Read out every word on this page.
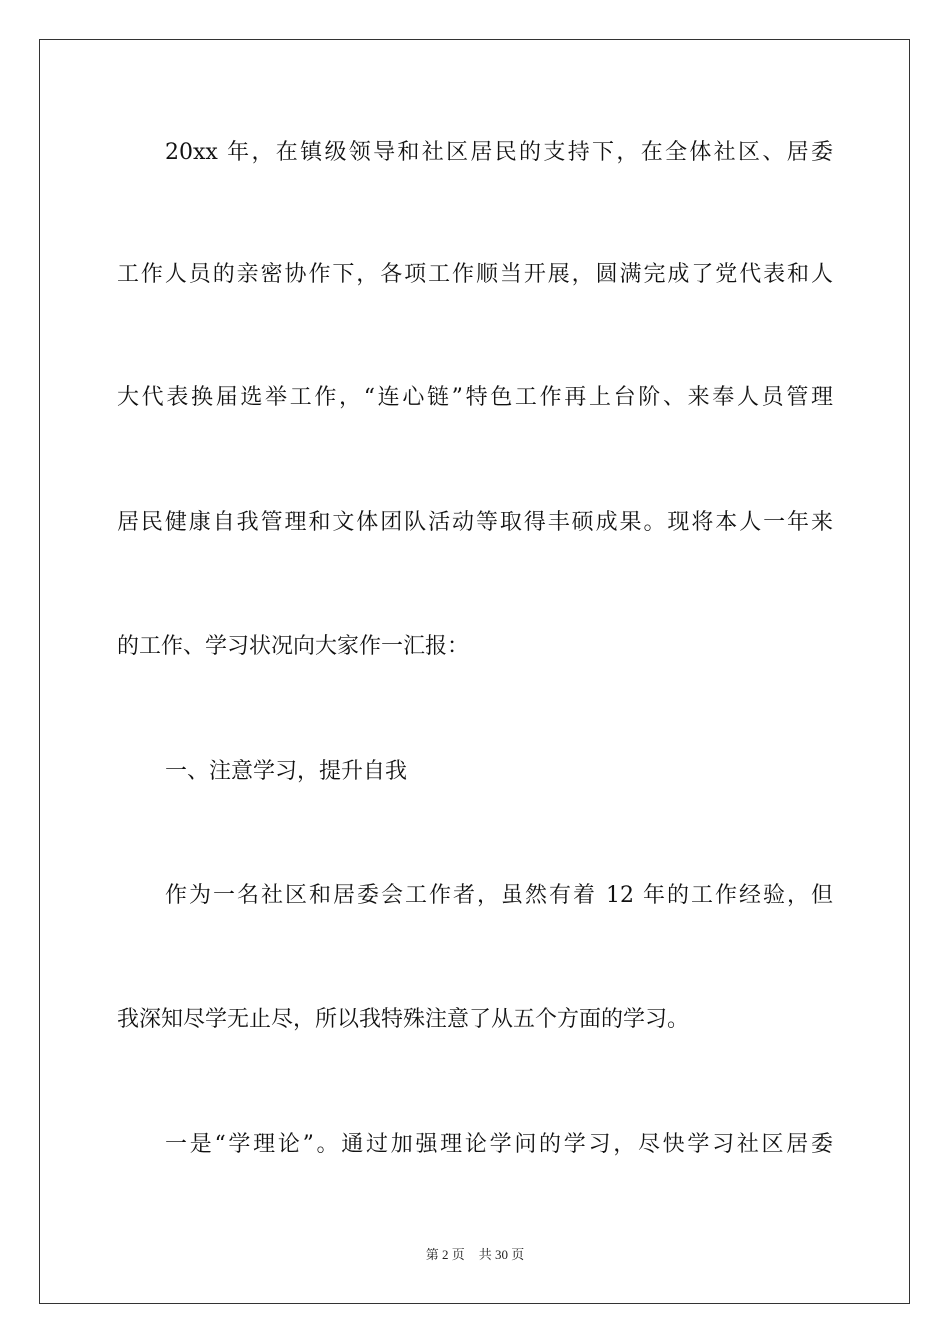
20xx 年，在镇级领导和社区居民的支持下，在全体社区、居委
工作人员的亲密协作下，各项工作顺当开展，圆满完成了党代表和人
大代表换届选举工作，“连心链”特色工作再上台阶、来奉人员管理
居民健康自我管理和文体团队活动等取得丰硕成果。现将本人一年来
的工作、学习状况向大家作一汇报：
一、注意学习，提升自我
作为一名社区和居委会工作者，虽然有着 12 年的工作经验，但
我深知尽学无止尽，所以我特殊注意了从五个方面的学习。
一是“学理论”。通过加强理论学问的学习，尽快学习社区居委
第 2 页 共 30 页
